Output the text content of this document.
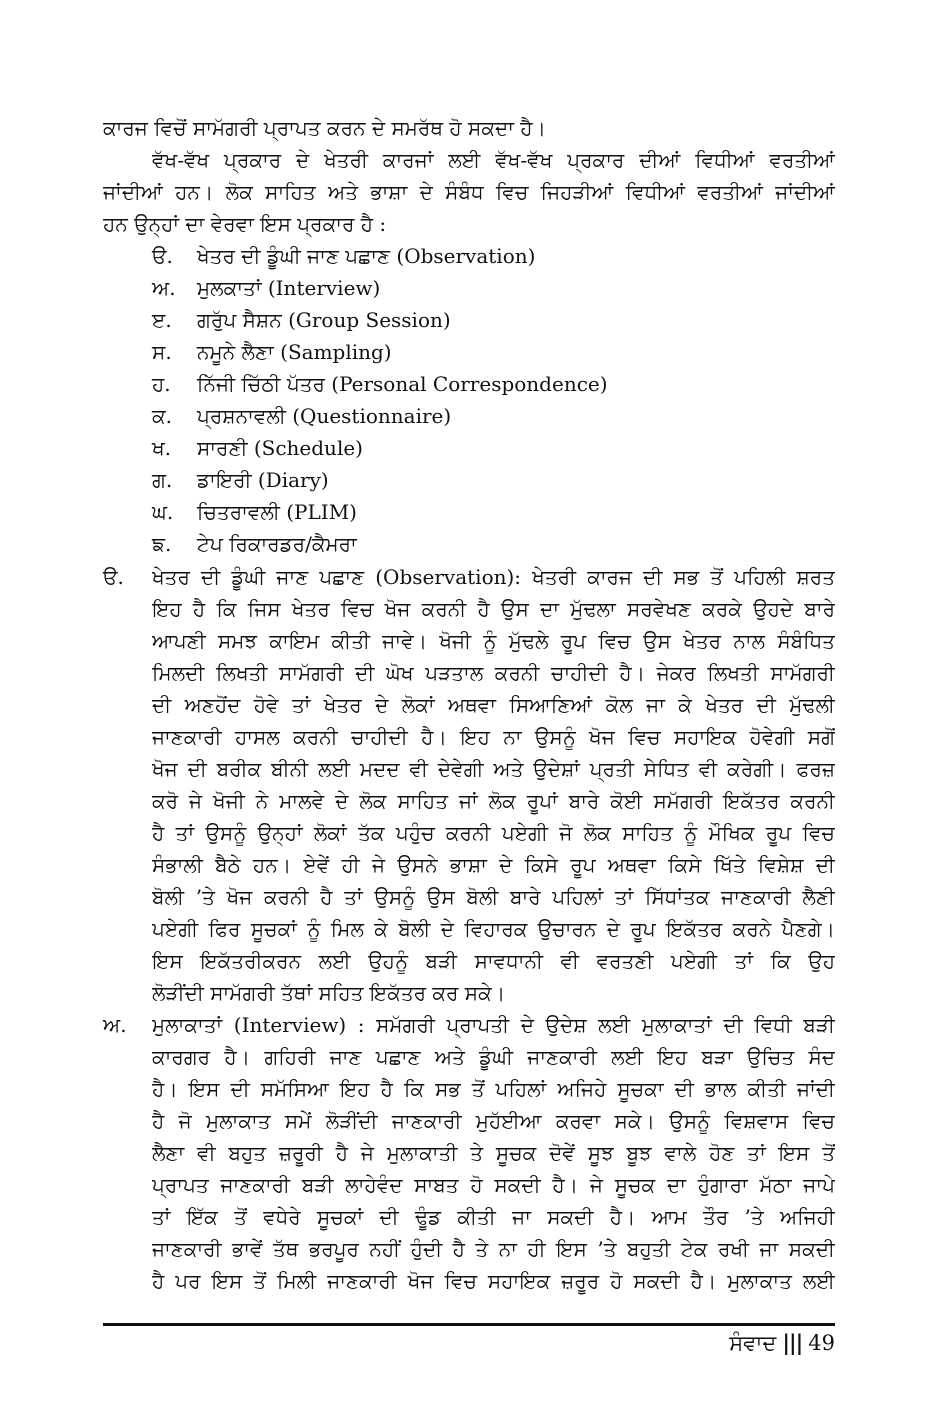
ਕਾਰਜ ਵਿਚੋਂ ਸਾਮੱਗਰੀ ਪ੍ਰਾਪਤ ਕਰਨ ਦੇ ਸਮਰੱਥ ਹੋ ਸਕਦਾ ਹੈ।
ਵੱਖ-ਵੱਖ ਪ੍ਰਕਾਰ ਦੇ ਖੇਤਰੀ ਕਾਰਜਾਂ ਲਈ ਵੱਖ-ਵੱਖ ਪ੍ਰਕਾਰ ਦੀਆਂ ਵਿਧੀਆਂ ਵਰਤੀਆਂ
ਜਾਂਦੀਆਂ ਹਨ। ਲੋਕ ਸਾਹਿਤ ਅਤੇ ਭਾਸ਼ਾ ਦੇ ਸੰਬੰਧ ਵਿਚ ਜਿਹੜੀਆਂ ਵਿਧੀਆਂ ਵਰਤੀਆਂ ਜਾਂਦੀਆਂ
ਹਨ ਉਨ੍ਹਾਂ ਦਾ ਵੇਰਵਾ ਇਸ ਪ੍ਰਕਾਰ ਹੈ :
ੳ. ਖੇਤਰ ਦੀ ਡੂੰਘੀ ਜਾਣ ਪਛਾਣ (Observation)
ਅ. ਮੁਲਕਾਤਾਂ (Interview)
ੲ. ਗਰੁੱਪ ਸੈਸ਼ਨ (Group Session)
ਸ. ਨਮੂਨੇ ਲੈਣਾ (Sampling)
ਹ. ਨਿੱਜੀ ਚਿੱਠੀ ਪੱਤਰ (Personal Correspondence)
ਕ. ਪ੍ਰਸ਼ਨਾਵਲੀ (Questionnaire)
ਖ. ਸਾਰਣੀ (Schedule)
ਗ. ਡਾਇਰੀ (Diary)
ਘ. ਚਿਤਰਾਵਲੀ (PLIM)
ਙ. ਟੇਪ ਰਿਕਾਰਡਰ/ਕੈਮਰਾ
ੳ. ਖੇਤਰ ਦੀ ਡੂੰਘੀ ਜਾਣ ਪਛਾਣ (Observation): ਖੇਤਰੀ ਕਾਰਜ ਦੀ ਸਭ ਤੋਂ ਪਹਿਲੀ ਸ਼ਰਤ
ਇਹ ਹੈ ਕਿ ਜਿਸ ਖੇਤਰ ਵਿਚ ਖੋਜ ਕਰਨੀ ਹੈ ਉਸ ਦਾ ਮੁੱਢਲਾ ਸਰਵੇਖਣ ਕਰਕੇ ਉਹਦੇ ਬਾਰੇ
ਆਪਣੀ ਸਮਝ ਕਾਇਮ ਕੀਤੀ ਜਾਵੇ। ਖੋਜੀ ਨੂੰ ਮੁੱਢਲੇ ਰੂਪ ਵਿਚ ਉਸ ਖੇਤਰ ਨਾਲ ਸੰਬੰਧਿਤ
ਮਿਲਦੀ ਲਿਖਤੀ ਸਾਮੱਗਰੀ ਦੀ ਘੋਖ ਪੜਤਾਲ ਕਰਨੀ ਚਾਹੀਦੀ ਹੈ। ਜੇਕਰ ਲਿਖਤੀ ਸਾਮੱਗਰੀ
ਦੀ ਅਣਹੋਂਦ ਹੋਵੇ ਤਾਂ ਖੇਤਰ ਦੇ ਲੋਕਾਂ ਅਥਵਾ ਸਿਆਣਿਆਂ ਕੋਲ ਜਾ ਕੇ ਖੇਤਰ ਦੀ ਮੁੱਢਲੀ
ਜਾਣਕਾਰੀ ਹਾਸਲ ਕਰਨੀ ਚਾਹੀਦੀ ਹੈ। ਇਹ ਨਾ ਉਸਨੂੰ ਖੋਜ ਵਿਚ ਸਹਾਇਕ ਹੋਵੇਗੀ ਸਗੋਂ
ਖੋਜ ਦੀ ਬਰੀਕ ਬੀਨੀ ਲਈ ਮਦਦ ਵੀ ਦੇਵੇਗੀ ਅਤੇ ਉਦੇਸ਼ਾਂ ਪ੍ਰਤੀ ਸੇਧਿਤ ਵੀ ਕਰੇਗੀ। ਫਰਜ਼
ਕਰੋ ਜੇ ਖੋਜੀ ਨੇ ਮਾਲਵੇ ਦੇ ਲੋਕ ਸਾਹਿਤ ਜਾਂ ਲੋਕ ਰੂਪਾਂ ਬਾਰੇ ਕੋਈ ਸਮੱਗਰੀ ਇਕੱਤਰ ਕਰਨੀ
ਹੈ ਤਾਂ ਉਸਨੂੰ ਉਨ੍ਹਾਂ ਲੋਕਾਂ ਤੱਕ ਪਹੁੰਚ ਕਰਨੀ ਪਏਗੀ ਜੋ ਲੋਕ ਸਾਹਿਤ ਨੂੰ ਮੌਖਿਕ ਰੂਪ ਵਿਚ
ਸੰਭਾਲੀ ਬੈਠੇ ਹਨ। ਏਵੇਂ ਹੀ ਜੇ ਉਸਨੇ ਭਾਸ਼ਾ ਦੇ ਕਿਸੇ ਰੂਪ ਅਥਵਾ ਕਿਸੇ ਖਿੱਤੇ ਵਿਸ਼ੇਸ਼ ਦੀ
ਬੋਲੀ ’ਤੇ ਖੋਜ ਕਰਨੀ ਹੈ ਤਾਂ ਉਸਨੂੰ ਉਸ ਬੋਲੀ ਬਾਰੇ ਪਹਿਲਾਂ ਤਾਂ ਸਿੱਧਾਂਤਕ ਜਾਣਕਾਰੀ ਲੈਣੀ
ਪਏਗੀ ਫਿਰ ਸੂਚਕਾਂ ਨੂੰ ਮਿਲ ਕੇ ਬੋਲੀ ਦੇ ਵਿਹਾਰਕ ਉਚਾਰਨ ਦੇ ਰੂਪ ਇਕੱਤਰ ਕਰਨੇ ਪੈਣਗੇ।
ਇਸ ਇਕੱਤਰੀਕਰਨ ਲਈ ਉਹਨੂੰ ਬੜੀ ਸਾਵਧਾਨੀ ਵੀ ਵਰਤਣੀ ਪਏਗੀ ਤਾਂ ਕਿ ਉਹ
ਲੋੜੀਂਦੀ ਸਾਮੱਗਰੀ ਤੱਥਾਂ ਸਹਿਤ ਇਕੱਤਰ ਕਰ ਸਕੇ।
ਅ. ਮੁਲਾਕਾਤਾਂ (Interview) : ਸਮੱਗਰੀ ਪ੍ਰਾਪਤੀ ਦੇ ਉਦੇਸ਼ ਲਈ ਮੁਲਾਕਾਤਾਂ ਦੀ ਵਿਧੀ ਬੜੀ
ਕਾਰਗਰ ਹੈ। ਗਹਿਰੀ ਜਾਣ ਪਛਾਣ ਅਤੇ ਡੂੰਘੀ ਜਾਣਕਾਰੀ ਲਈ ਇਹ ਬੜਾ ਉਚਿਤ ਸੰਦ
ਹੈ। ਇਸ ਦੀ ਸਮੱਸਿਆ ਇਹ ਹੈ ਕਿ ਸਭ ਤੋਂ ਪਹਿਲਾਂ ਅਜਿਹੇ ਸੂਚਕਾ ਦੀ ਭਾਲ ਕੀਤੀ ਜਾਂਦੀ
ਹੈ ਜੋ ਮੁਲਾਕਾਤ ਸਮੇਂ ਲੋੜੀਂਦੀ ਜਾਣਕਾਰੀ ਮੁਹੱਈਆ ਕਰਵਾ ਸਕੇ। ਉਸਨੂੰ ਵਿਸ਼ਵਾਸ ਵਿਚ
ਲੈਣਾ ਵੀ ਬਹੁਤ ਜ਼ਰੂਰੀ ਹੈ ਜੇ ਮੁਲਾਕਾਤੀ ਤੇ ਸੂਚਕ ਦੋਵੇਂ ਸੂਝ ਬੂਝ ਵਾਲੇ ਹੋਣ ਤਾਂ ਇਸ ਤੋਂ
ਪ੍ਰਾਪਤ ਜਾਣਕਾਰੀ ਬੜੀ ਲਾਹੇਵੰਦ ਸਾਬਤ ਹੋ ਸਕਦੀ ਹੈ। ਜੇ ਸੂਚਕ ਦਾ ਹੁੰਗਾਰਾ ਮੱਠਾ ਜਾਪੇ
ਤਾਂ ਇੱਕ ਤੋਂ ਵਧੇਰੇ ਸੂਚਕਾਂ ਦੀ ਢੂੰਡ ਕੀਤੀ ਜਾ ਸਕਦੀ ਹੈ। ਆਮ ਤੌਰ ’ਤੇ ਅਜਿਹੀ
ਜਾਣਕਾਰੀ ਭਾਵੇਂ ਤੱਥ ਭਰਪੂਰ ਨਹੀਂ ਹੁੰਦੀ ਹੈ ਤੇ ਨਾ ਹੀ ਇਸ ’ਤੇ ਬਹੁਤੀ ਟੇਕ ਰਖੀ ਜਾ ਸਕਦੀ
ਹੈ ਪਰ ਇਸ ਤੋਂ ਮਿਲੀ ਜਾਣਕਾਰੀ ਖੋਜ ਵਿਚ ਸਹਾਇਕ ਜ਼ਰੂਰ ਹੋ ਸਕਦੀ ਹੈ। ਮੁਲਾਕਾਤ ਲਈ
ਸੰਵਾਦ ||| 49
